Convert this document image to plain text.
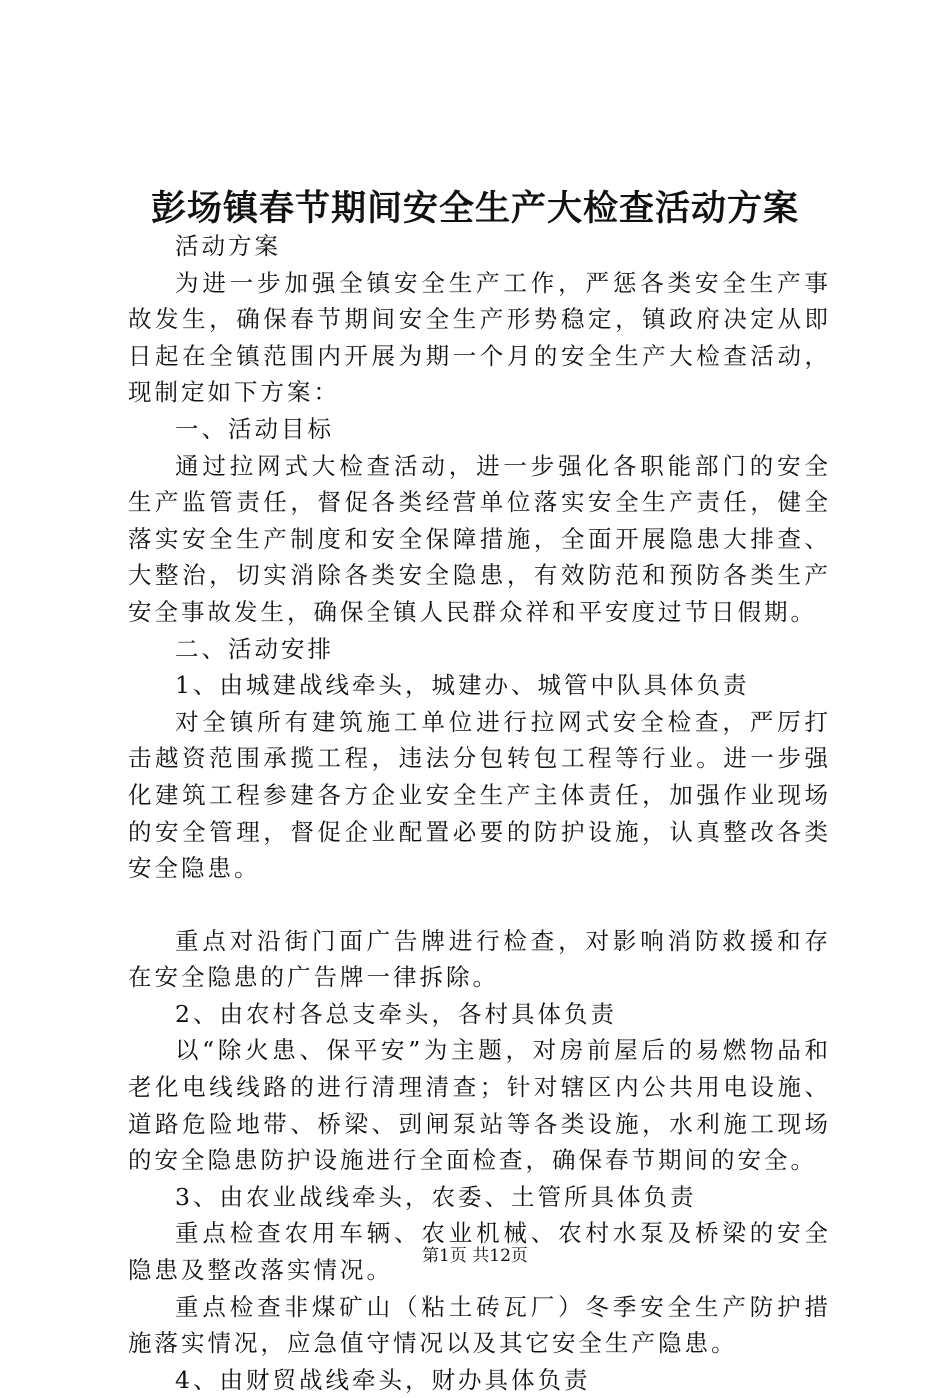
彭场镇春节期间安全生产大检查活动方案

活动方案

为进一步加强全镇安全生产工作，严惩各类安全生产事故发生，确保春节期间安全生产形势稳定，镇政府决定从即日起在全镇范围内开展为期一个月的安全生产大检查活动，现制定如下方案：

一、活动目标

通过拉网式大检查活动，进一步强化各职能部门的安全生产监管责任，督促各类经营单位落实安全生产责任，健全落实安全生产制度和安全保障措施，全面开展隐患大排查、大整治，切实消除各类安全隐患，有效防范和预防各类生产安全事故发生，确保全镇人民群众祥和平安度过节日假期。

二、活动安排

1、由城建战线牵头，城建办、城管中队具体负责

对全镇所有建筑施工单位进行拉网式安全检查，严厉打击越资范围承揽工程，违法分包转包工程等行业。进一步强化建筑工程参建各方企业安全生产主体责任，加强作业现场的安全管理，督促企业配置必要的防护设施，认真整改各类安全隐患。

重点对沿街门面广告牌进行检查，对影响消防救援和存在安全隐患的广告牌一律拆除。

2、由农村各总支牵头，各村具体负责

以“除火患、保平安”为主题，对房前屋后的易燃物品和老化电线线路的进行清理清查；针对辖区内公共用电设施、道路危险地带、桥梁、剅闸泵站等各类设施，水利施工现场的安全隐患防护设施进行全面检查，确保春节期间的安全。

3、由农业战线牵头，农委、土管所具体负责

重点检查农用车辆、农业机械、农村水泵及桥梁的安全隐患及整改落实情况。

重点检查非煤矿山（粘土砖瓦厂）冬季安全生产防护措施落实情况，应急值守情况以及其它安全生产隐患。

4、由财贸战线牵头，财办具体负责

第1页 共12页
